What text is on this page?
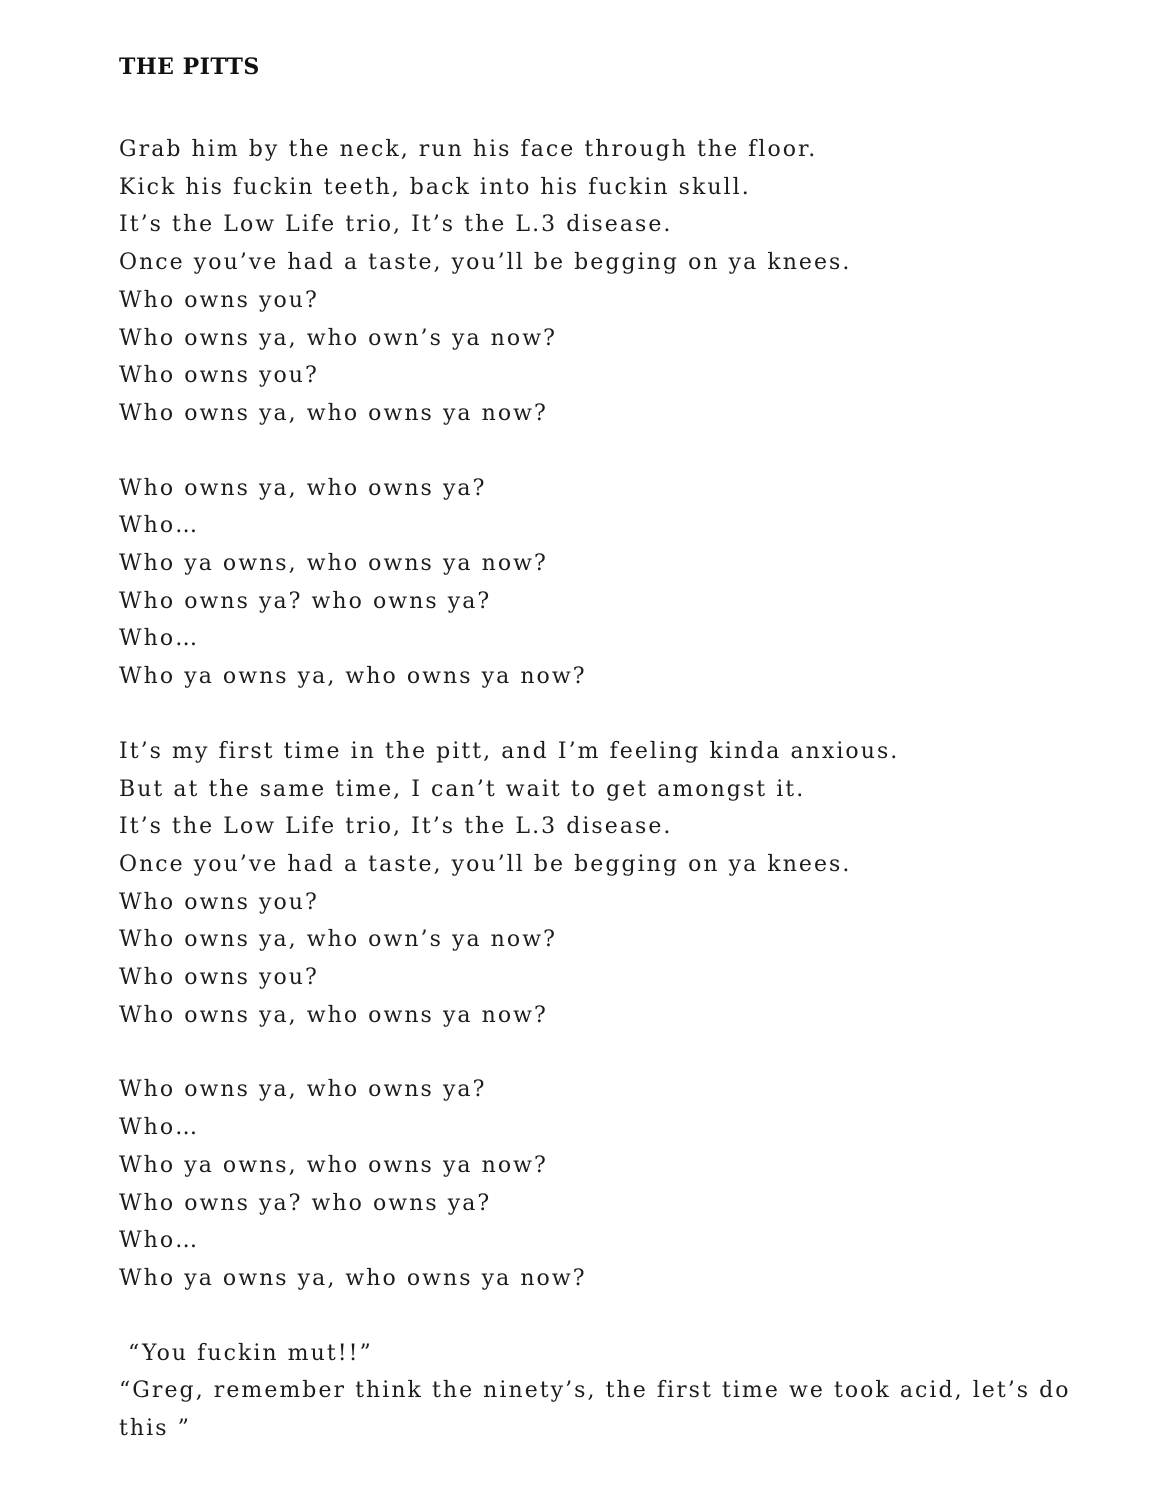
THE PITTS
Grab him by the neck, run his face through the floor.
Kick his fuckin teeth, back into his fuckin skull.
It’s the Low Life trio, It’s the L.3 disease.
Once you’ve had a taste, you’ll be begging on ya knees.
Who owns you?
Who owns ya, who own’s ya now?
Who owns you?
Who owns ya, who owns ya now?
Who owns ya, who owns ya?
Who…
Who ya owns, who owns ya now?
Who owns ya? who owns ya?
Who…
Who ya owns ya, who owns ya now?
It’s my first time in the pitt, and I’m feeling kinda anxious.
But at the same time, I can’t wait to get amongst it.
It’s the Low Life trio, It’s the L.3 disease.
Once you’ve had a taste, you’ll be begging on ya knees.
Who owns you?
Who owns ya, who own’s ya now?
Who owns you?
Who owns ya, who owns ya now?
Who owns ya, who owns ya?
Who…
Who ya owns, who owns ya now?
Who owns ya? who owns ya?
Who…
Who ya owns ya, who owns ya now?
“You fuckin mut!!”
“Greg, remember think the ninety’s, the first time we took acid, let’s do this ”
